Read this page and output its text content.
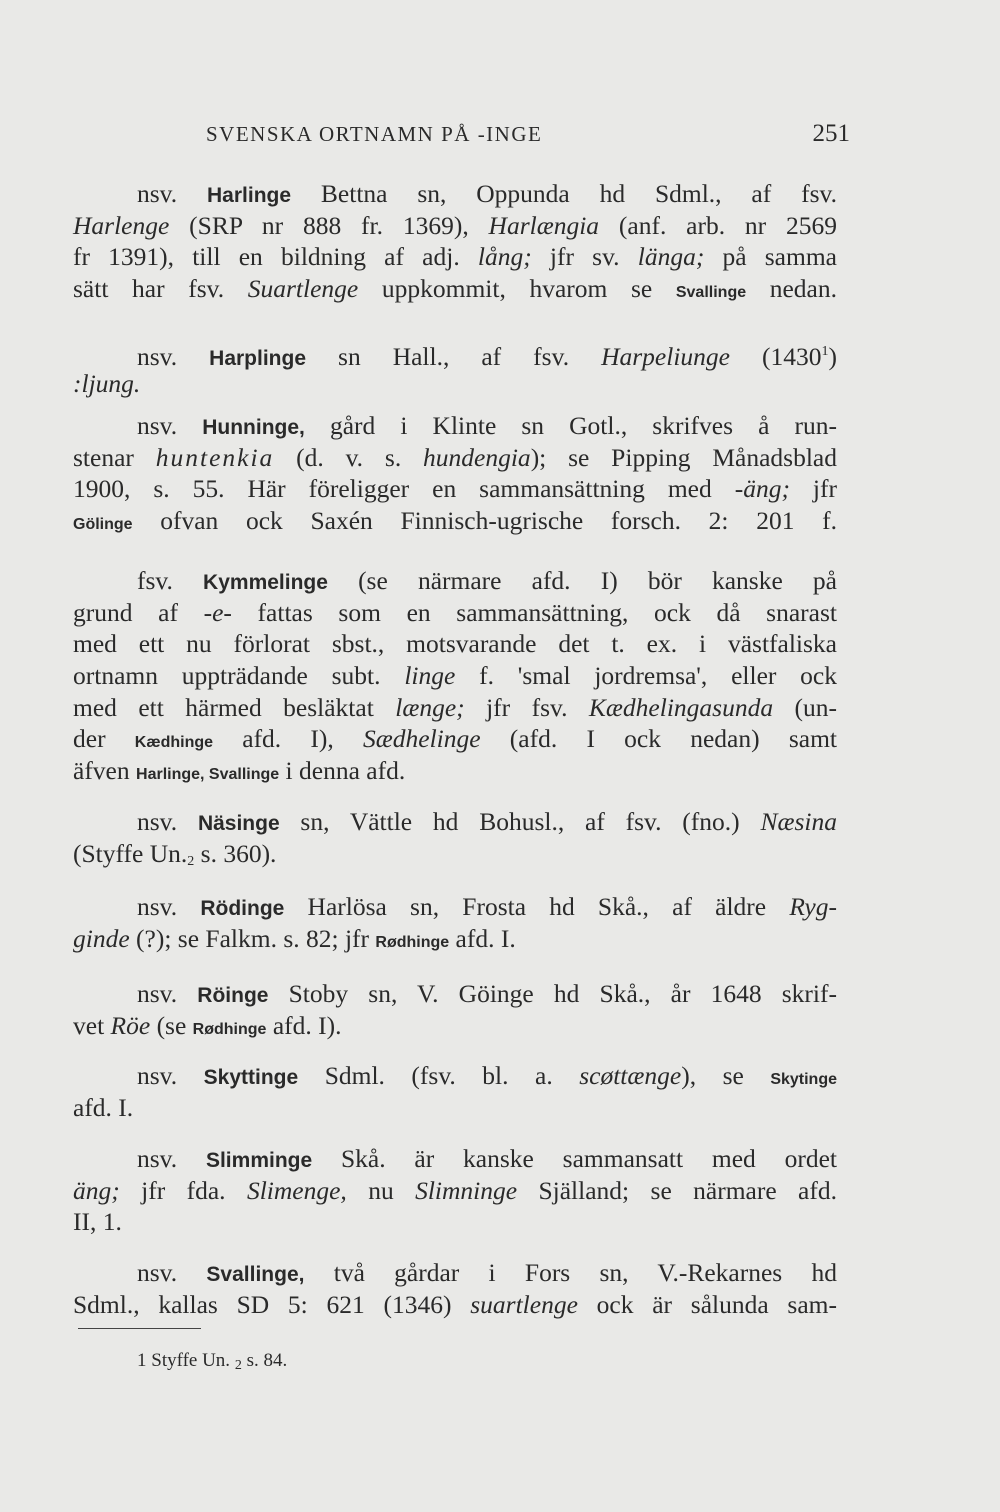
SVENSKA ORTNAMN PÅ -INGE	251
nsv. Harlinge Bettna sn, Oppunda hd Sdml., af fsv.
Harlenge (SRP nr 888 fr. 1369), Harlængia (anf. arb. nr 2569
fr 1391), till en bildning af adj. lång; jfr sv. länga; på samma
sätt har fsv. Suartlenge uppkommit, hvarom se Svallinge nedan.
nsv. Harplinge sn Hall., af fsv. Harpeliunge (1430$^1$)
:ljung.
nsv. Hunninge, gård i Klinte sn Gotl., skrifves å run-
stenar huntenkia (d. v. s. hundengia); se Pipping Månadsblad
1900, s. 55. Här föreligger en sammansättning med -äng; jfr
Gölinge ofvan ock Saxén Finnisch-ugrische forsch. 2: 201 f.
fsv. Kymmelinge (se närmare afd. I) bör kanske på
grund af -e- fattas som en sammansättning, ock då snarast
med ett nu förlorat sbst., motsvarande det t. ex. i västfaliska
ortnamn uppträdande subt. linge f. 'smal jordremsa', eller ock
med ett härmed besläktat længe; jfr fsv. Kædhelingasunda (un-
der Kædhinge afd. I), Sædhelinge (afd. I ock nedan) samt
äfven Harlinge, Svallinge i denna afd.
nsv. Näsinge sn, Vättle hd Bohusl., af fsv. (fno.) Næsina
(Styffe $Un._2$ s. 360).
nsv. Rödinge Harlösa sn, Frosta hd Skå., af äldre Ryg-
ginde (?); se Falkm. s. 82; jfr Rødhinge afd. I.
nsv. Röinge Stoby sn, V. Göinge hd Skå., år 1648 skrif-
vet Röe (se Rødhinge afd. I).
nsv. Skyttinge Sdml. (fsv. bl. a. scøttænge), se Skytinge
afd. I.
nsv. Slimminge Skå. är kanske sammansatt med ordet
äng; jfr fda. Slimenge, nu Slimninge Själland; se närmare afd.
II, 1.
nsv. Svallinge, två gårdar i Fors sn, V.-Rekarnes hd
Sdml., kallas SD 5: 621 (1346) suartlenge ock är sålunda sam-
1 Styffe Un. $_2$ s. 84.
